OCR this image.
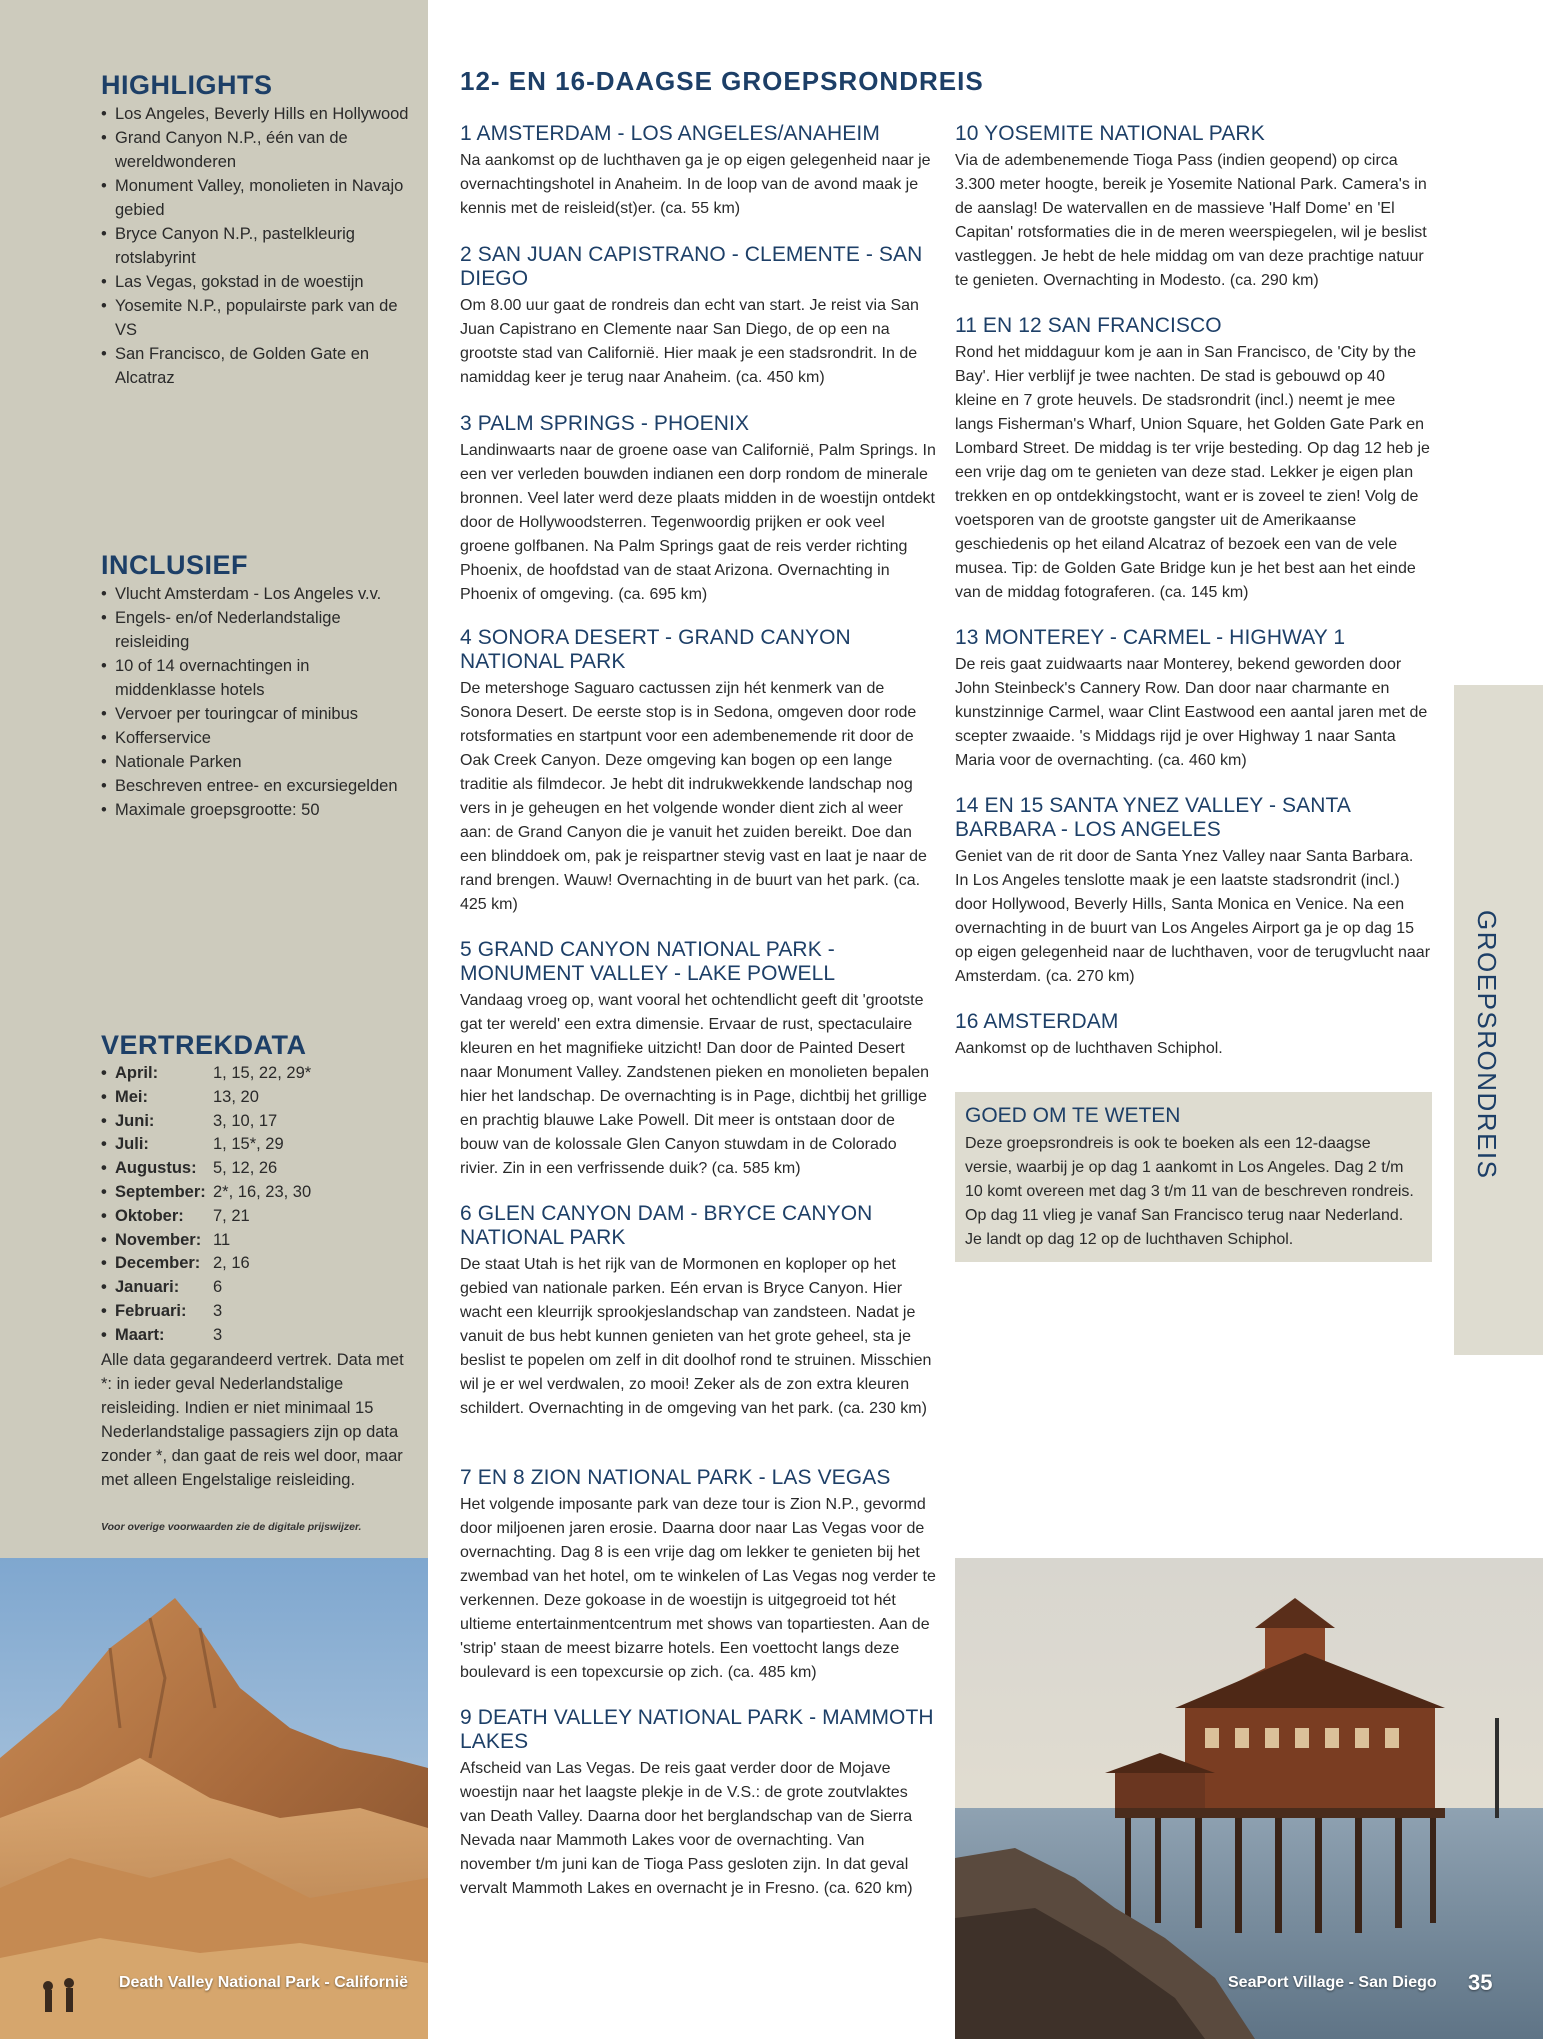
HIGHLIGHTS
• Los Angeles, Beverly Hills en Hollywood
• Grand Canyon N.P., één van de wereldwonderen
• Monument Valley, monolieten in Navajo gebied
• Bryce Canyon N.P., pastelkleurig rotslabyrint
• Las Vegas, gokstad in de woestijn
• Yosemite N.P., populairste park van de VS
• San Francisco, de Golden Gate en Alcatraz
INCLUSIEF
• Vlucht Amsterdam - Los Angeles v.v.
• Engels- en/of Nederlandstalige reisleiding
• 10 of 14 overnachtingen in middenklasse hotels
• Vervoer per touringcar of minibus
• Kofferservice
• Nationale Parken
• Beschreven entree- en excursiegelden
• Maximale groepsgrootte: 50
VERTREKDATA
• April:	1, 15, 22, 29*
• Mei:	13, 20
• Juni:	3, 10, 17
• Juli:	1, 15*, 29
• Augustus:	5, 12, 26
• September:	2*, 16, 23, 30
• Oktober:	7, 21
• November:	11
• December:	2, 16
• Januari:	6
• Februari:	3
• Maart:	3

Alle data gegarandeerd vertrek. Data met *: in ieder geval Nederlandstalige reisleiding. Indien er niet minimaal 15 Nederlandstalige passagiers zijn op data zonder *, dan gaat de reis wel door, maar met alleen Engelstalige reisleiding.

Voor overige voorwaarden zie de digitale prijswijzer.
Death Valley National Park - Californië
12- EN 16-DAAGSE GROEPSRONDREIS
1 AMSTERDAM - LOS ANGELES/ANAHEIM

Na aankomst op de luchthaven ga je op eigen gelegenheid naar je overnachtingshotel in Anaheim. In de loop van de avond maak je kennis met de reisleid(st)er. (ca. 55 km)

2 SAN JUAN CAPISTRANO - CLEMENTE - SAN DIEGO

Om 8.00 uur gaat de rondreis dan echt van start. Je reist via San Juan Capistrano en Clemente naar San Diego, de op een na grootste stad van Californië. Hier maak je een stadsrondrit. In de namiddag keer je terug naar Anaheim. (ca. 450 km)

3 PALM SPRINGS - PHOENIX

Landinwaarts naar de groene oase van Californië, Palm Springs. In een ver verleden bouwden indianen een dorp rondom de minerale bronnen. Veel later werd deze plaats midden in de woestijn ontdekt door de Hollywoodsterren. Tegenwoordig prijken er ook veel groene golfbanen. Na Palm Springs gaat de reis verder richting Phoenix, de hoofdstad van de staat Arizona. Overnachting in Phoenix of omgeving. (ca. 695 km)

4 SONORA DESERT - GRAND CANYON NATIONAL PARK

De metershoge Saguaro cactussen zijn hét kenmerk van de Sonora Desert. De eerste stop is in Sedona, omgeven door rode rotsformaties en startpunt voor een adembenemende rit door de Oak Creek Canyon. Deze omgeving kan bogen op een lange traditie als filmdecor. Je hebt dit indrukwekkende landschap nog vers in je geheugen en het volgende wonder dient zich al weer aan: de Grand Canyon die je vanuit het zuiden bereikt. Doe dan een blinddoek om, pak je reispartner stevig vast en laat je naar de rand brengen. Wauw! Overnachting in de buurt van het park. (ca. 425 km)

5 GRAND CANYON NATIONAL PARK - MONUMENT VALLEY - LAKE POWELL

Vandaag vroeg op, want vooral het ochtendlicht geeft dit 'grootste gat ter wereld' een extra dimensie. Ervaar de rust, spectaculaire kleuren en het magnifieke uitzicht! Dan door de Painted Desert naar Monument Valley. Zandstenen pieken en monolieten bepalen hier het landschap. De overnachting is in Page, dichtbij het grillige en prachtig blauwe Lake Powell. Dit meer is ontstaan door de bouw van de kolossale Glen Canyon stuwdam in de Colorado rivier. Zin in een verfrissende duik? (ca. 585 km)

6 GLEN CANYON DAM - BRYCE CANYON NATIONAL PARK

De staat Utah is het rijk van de Mormonen en koploper op het gebied van nationale parken. Eén ervan is Bryce Canyon. Hier wacht een kleurrijk sprookjeslandschap van zandsteen. Nadat je vanuit de bus hebt kunnen genieten van het grote geheel, sta je beslist te popelen om zelf in dit doolhof rond te struinen. Misschien wil je er wel verdwalen, zo mooi! Zeker als de zon extra kleuren schildert. Overnachting in de omgeving van het park. (ca. 230 km)

7 EN 8 ZION NATIONAL PARK - LAS VEGAS

Het volgende imposante park van deze tour is Zion N.P., gevormd door miljoenen jaren erosie. Daarna door naar Las Vegas voor de overnachting. Dag 8 is een vrije dag om lekker te genieten bij het zwembad van het hotel, om te winkelen of Las Vegas nog verder te verkennen. Deze gokoase in de woestijn is uitgegroeid tot hét ultieme entertainmentcentrum met shows van topartiesten. Aan de 'strip' staan de meest bizarre hotels. Een voettocht langs deze boulevard is een topexcursie op zich. (ca. 485 km)

9 DEATH VALLEY NATIONAL PARK - MAMMOTH LAKES

Afscheid van Las Vegas. De reis gaat verder door de Mojave woestijn naar het laagste plekje in de V.S.: de grote zoutvlaktes van Death Valley. Daarna door het berglandschap van de Sierra Nevada naar Mammoth Lakes voor de overnachting. Van november t/m juni kan de Tioga Pass gesloten zijn. In dat geval vervalt Mammoth Lakes en overnacht je in Fresno. (ca. 620 km)

10 YOSEMITE NATIONAL PARK

Via de adembenemende Tioga Pass (indien geopend) op circa 3.300 meter hoogte, bereik je Yosemite National Park. Camera's in de aanslag! De watervallen en de massieve 'Half Dome' en 'El Capitan' rotsformaties die in de meren weerspiegelen, wil je beslist vastleggen. Je hebt de hele middag om van deze prachtige natuur te genieten. Overnachting in Modesto. (ca. 290 km)

11 EN 12 SAN FRANCISCO

Rond het middaguur kom je aan in San Francisco, de 'City by the Bay'. Hier verblijf je twee nachten. De stad is gebouwd op 40 kleine en 7 grote heuvels. De stadsrondrit (incl.) neemt je mee langs Fisherman's Wharf, Union Square, het Golden Gate Park en Lombard Street. De middag is ter vrije besteding. Op dag 12 heb je een vrije dag om te genieten van deze stad. Lekker je eigen plan trekken en op ontdekkingstocht, want er is zoveel te zien! Volg de voetsporen van de grootste gangster uit de Amerikaanse geschiedenis op het eiland Alcatraz of bezoek een van de vele musea. Tip: de Golden Gate Bridge kun je het best aan het einde van de middag fotograferen. (ca. 145 km)

13 MONTEREY - CARMEL - HIGHWAY 1

De reis gaat zuidwaarts naar Monterey, bekend geworden door John Steinbeck's Cannery Row. Dan door naar charmante en kunstzinnige Carmel, waar Clint Eastwood een aantal jaren met de scepter zwaaide. 's Middags rijd je over Highway 1 naar Santa Maria voor de overnachting. (ca. 460 km)

14 EN 15 SANTA YNEZ VALLEY - SANTA BARBARA - LOS ANGELES

Geniet van de rit door de Santa Ynez Valley naar Santa Barbara. In Los Angeles tenslotte maak je een laatste stadsrondrit (incl.) door Hollywood, Beverly Hills, Santa Monica en Venice. Na een overnachting in de buurt van Los Angeles Airport ga je op dag 15 op eigen gelegenheid naar de luchthaven, voor de terugvlucht naar Amsterdam. (ca. 270 km)

16 AMSTERDAM

Aankomst op de luchthaven Schiphol.

GOED OM TE WETEN

Deze groepsrondreis is ook te boeken als een 12-daagse versie, waarbij je op dag 1 aankomt in Los Angeles. Dag 2 t/m 10 komt overeen met dag 3 t/m 11 van de beschreven rondreis. Op dag 11 vlieg je vanaf San Francisco terug naar Nederland. Je landt op dag 12 op de luchthaven Schiphol.

GROEPSRONDREIS
SeaPort Village - San Diego 35
